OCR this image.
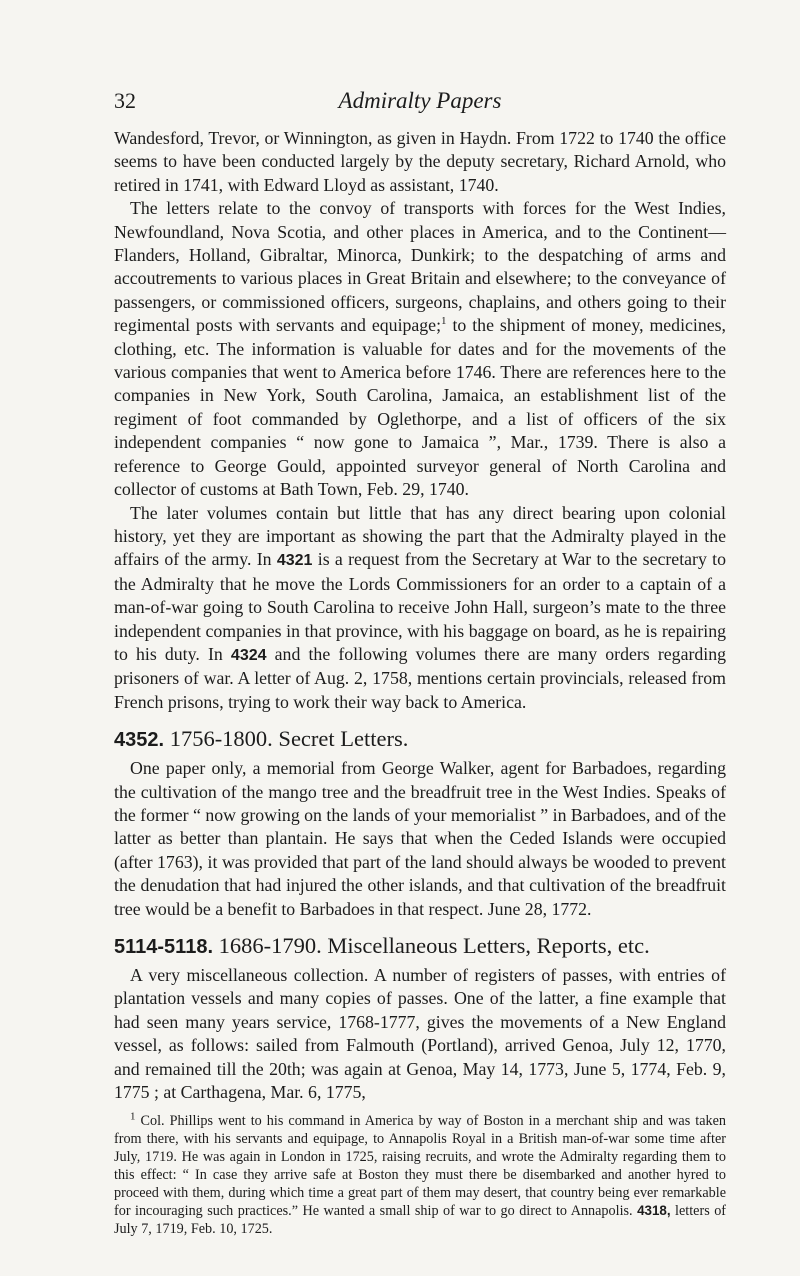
32	Admiralty Papers

Wandesford, Trevor, or Winnington, as given in Haydn. From 1722 to 1740 the office seems to have been conducted largely by the deputy secretary, Richard Arnold, who retired in 1741, with Edward Lloyd as assistant, 1740.

The letters relate to the convoy of transports with forces for the West Indies, Newfoundland, Nova Scotia, and other places in America, and to the Continent—Flanders, Holland, Gibraltar, Minorca, Dunkirk; to the despatching of arms and accoutrements to various places in Great Britain and elsewhere; to the conveyance of passengers, or commissioned officers, surgeons, chaplains, and others going to their regimental posts with servants and equipage;$^1$ to the shipment of money, medicines, clothing, etc. The information is valuable for dates and for the movements of the various companies that went to America before 1746. There are references here to the companies in New York, South Carolina, Jamaica, an establishment list of the regiment of foot commanded by Oglethorpe, and a list of officers of the six independent companies “ now gone to Jamaica ”, Mar., 1739. There is also a reference to George Gould, appointed surveyor general of North Carolina and collector of customs at Bath Town, Feb. 29, 1740.

The later volumes contain but little that has any direct bearing upon colonial history, yet they are important as showing the part that the Admiralty played in the affairs of the army. In 4321 is a request from the Secretary at War to the secretary to the Admiralty that he move the Lords Commissioners for an order to a captain of a man-of-war going to South Carolina to receive John Hall, surgeon’s mate to the three independent companies in that province, with his baggage on board, as he is repairing to his duty. In 4324 and the following volumes there are many orders regarding prisoners of war. A letter of Aug. 2, 1758, mentions certain provincials, released from French prisons, trying to work their way back to America.

4352. 1756-1800. Secret Letters.

One paper only, a memorial from George Walker, agent for Barbadoes, regarding the cultivation of the mango tree and the breadfruit tree in the West Indies. Speaks of the former “ now growing on the lands of your memorialist ” in Barbadoes, and of the latter as better than plantain. He says that when the Ceded Islands were occupied (after 1763), it was provided that part of the land should always be wooded to prevent the denudation that had injured the other islands, and that cultivation of the breadfruit tree would be a benefit to Barbadoes in that respect. June 28, 1772.

5114-5118. 1686-1790. Miscellaneous Letters, Reports, etc.

A very miscellaneous collection. A number of registers of passes, with entries of plantation vessels and many copies of passes. One of the latter, a fine example that had seen many years service, 1768-1777, gives the movements of a New England vessel, as follows: sailed from Falmouth (Portland), arrived Genoa, July 12, 1770, and remained till the 20th; was again at Genoa, May 14, 1773, June 5, 1774, Feb. 9, 1775 ; at Carthagena, Mar. 6, 1775,

$^1$ Col. Phillips went to his command in America by way of Boston in a merchant ship and was taken from there, with his servants and equipage, to Annapolis Royal in a British man-of-war some time after July, 1719. He was again in London in 1725, raising recruits, and wrote the Admiralty regarding them to this effect: “ In case they arrive safe at Boston they must there be disembarked and another hyred to proceed with them, during which time a great part of them may desert, that country being ever remarkable for incouraging such practices.” He wanted a small ship of war to go direct to Annapolis. 4318, letters of July 7, 1719, Feb. 10, 1725.
